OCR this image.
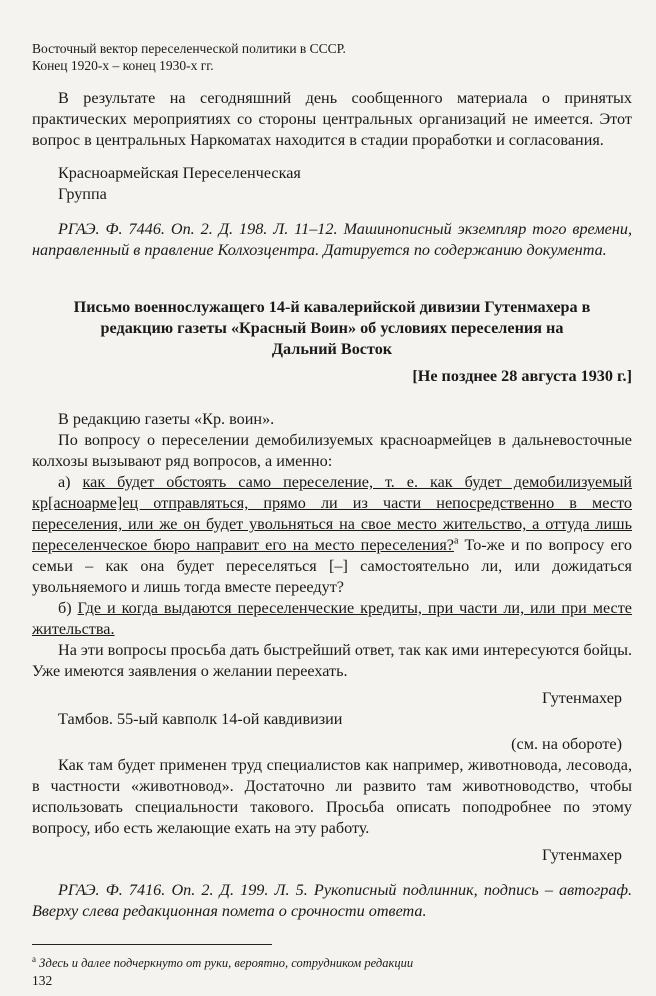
Восточный вектор переселенческой политики в СССР.
Конец 1920-х – конец 1930-х гг.

В результате на сегодняшний день сообщенного материала о принятых практических мероприятиях со стороны центральных организаций не имеется. Этот вопрос в центральных Наркоматах находится в стадии проработки и согласования.

Красноармейская Переселенческая

Группа

РГАЭ. Ф. 7446. Оп. 2. Д. 198. Л. 11–12. Машинописный экземпляр того времени, направленный в правление Колхозцентра. Датируется по содержанию документа.

Письмо военнослужащего 14-й кавалерийской дивизии Гутенмахера в редакцию газеты «Красный Воин» об условиях переселения на Дальний Восток
[Не позднее 28 августа 1930 г.]

В редакцию газеты «Кр. воин».

По вопросу о переселении демобилизуемых красноармейцев в дальневосточные колхозы вызывают ряд вопросов, а именно:

а) как будет обстоять само переселение, т. е. как будет демобилизуемый кр[асноарме]ец отправляться, прямо ли из части непосредственно в место переселения, или же он будет увольняться на свое место жительство, а оттуда лишь переселенческое бюро направит его на место переселения?$^а$ То-же и по вопросу его семьи – как она будет переселяться [–] самостоятельно ли, или дожидаться увольняемого и лишь тогда вместе переедут?

б) Где и когда выдаются переселенческие кредиты, при части ли, или при месте жительства.

На эти вопросы просьба дать быстрейший ответ, так как ими интересуются бойцы. Уже имеются заявления о желании переехать.

Гутенмахер

Тамбов. 55-ый кавполк 14-ой кавдивизии

(см. на обороте)

Как там будет применен труд специалистов как например, животновода, лесовода, в частности «животновод». Достаточно ли развито там животноводство, чтобы использовать специальности такового. Просьба описать поподробнее по этому вопросу, ибо есть желающие ехать на эту работу.

Гутенмахер

РГАЭ. Ф. 7416. Оп. 2. Д. 199. Л. 5. Рукописный подлинник, подпись – автограф. Вверху слева редакционная помета о срочности ответа.

$^а$ Здесь и далее подчеркнуто от руки, вероятно, сотрудником редакции
132
